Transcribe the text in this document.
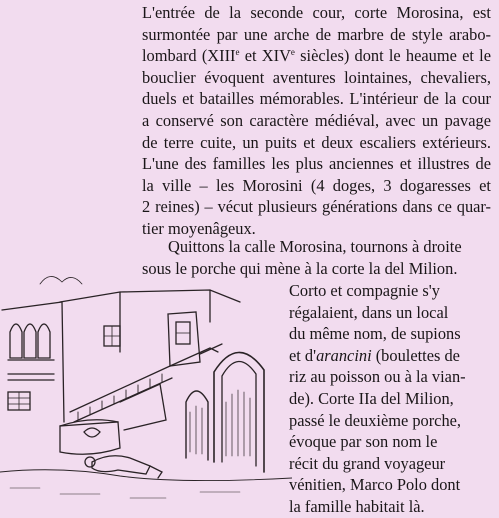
L'entrée de la seconde cour, corte Morosina, est
surmontée par une arche de marbre de style arabo-
lombard (XIIIe et XIVe siècles) dont le heaume et le
bouclier évoquent aventures lointaines, chevaliers,
duels et batailles mémorables. L'intérieur de la cour
a conservé son caractère médiéval, avec un pavage
de terre cuite, un puits et deux escaliers extérieurs.
L'une des familles les plus anciennes et illustres de
la ville – les Morosini (4 doges, 3 dogaresses et
2 reines) – vécut plusieurs générations dans ce quar-
tier moyenâgeux.

Quittons la calle Morosina, tournons à droite
sous le porche qui mène à la corte la del Milion.

Corto et compagnie s'y
régalaient, dans un local
du même nom, de supions
et d'arancini (boulettes de
riz au poisson ou à la vian-
de). Corte IIa del Milion,
passé le deuxième porche,
évoque par son nom le
récit du grand voyageur
vénitien, Marco Polo dont
la famille habitait là.
